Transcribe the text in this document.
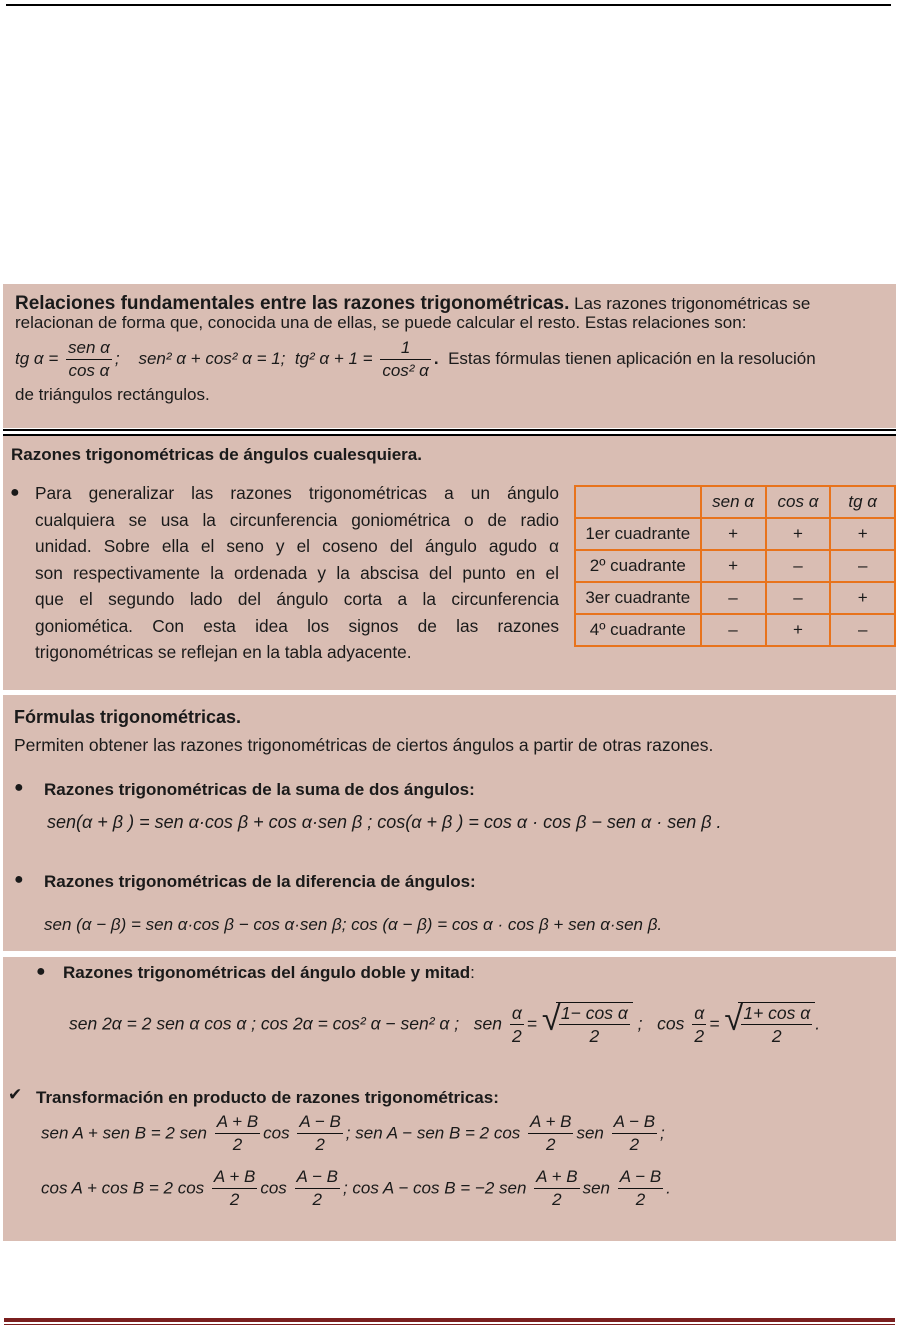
Relaciones fundamentales entre las razones trigonométricas. Las razones trigonométricas se
relacionan de forma que, conocida una de ellas, se puede calcular el resto. Estas relaciones son:
tg $\alpha = \frac{\text{sen α}}{\text{cos α}}$ ; sen² α + cos² α = 1; tg² $\alpha + 1 = \frac{1}{\text{cos² α}}$ . Estas fórmulas tienen aplicación en la resolución
de triángulos rectángulos.
Razones trigonométricas de ángulos cualesquiera.
● Para generalizar las razones trigonométricas a un ángulo
cualquiera se usa la circunferencia goniométrica o de radio
unidad. Sobre ella el seno y el coseno del ángulo agudo α
son respectivamente la ordenada y la abscisa del punto en el
que el segundo lado del ángulo corta a la circunferencia
goniomética. Con esta idea los signos de las razones
trigonométricas se reflejan en la tabla adyacente.
	sen α	cos α	tg α
1er cuadrante	+	+	+
2º cuadrante	+	–	–
3er cuadrante	–	–	+
4º cuadrante	–	+	–
Fórmulas trigonométricas.
Permiten obtener las razones trigonométricas de ciertos ángulos a partir de otras razones.
● Razones trigonométricas de la suma de dos ángulos:
sen(α + β ) = sen α·cos β + cos α·sen β ; cos(α + β ) = cos α · cos β − sen α · sen β .
● Razones trigonométricas de la diferencia de ángulos:
sen (α − β) = sen α·cos β − cos α·sen β; cos (α − β) = cos α · cos β + sen α·sen β.
● Razones trigonométricas del ángulo doble y mitad:
sen 2α = 2 sen α cos α ; cos 2α = cos² α − sen² α ; sen $\frac{\alpha}{2}$ = √
$\frac{\text{1− cos α}}{2}$ ; $\cos \frac{\alpha}{2}$ = √
$\frac{\text{1+ cos α}}{2}$ .
✔ Transformación en producto de razones trigonométricas:
sen A + sen B = 2 sen $\frac{A + B}{2}$ $\cos \frac{A - B}{2}$ ; sen A − sen B = 2 $\cos \frac{A + B}{2}$ sen $\frac{A - B}{2}$ ;
cos A + cos B = 2 $\cos \frac{A + B}{2}$ $\cos \frac{A - B}{2}$ ; cos A − cos B = −2 sen $\frac{A + B}{2}$ sen $\frac{A - B}{2}$ .
